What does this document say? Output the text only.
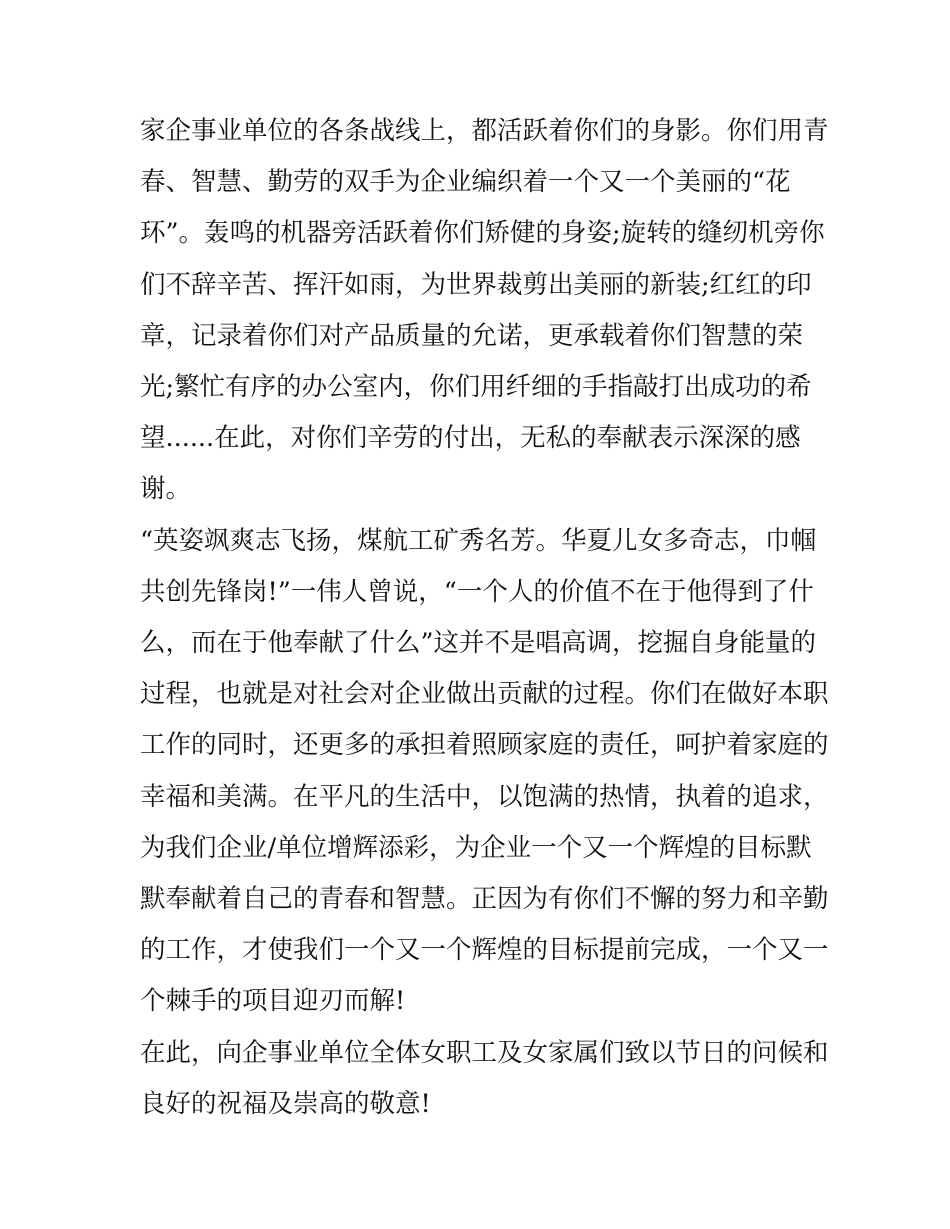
家企事业单位的各条战线上，都活跃着你们的身影。你们用青
春、智慧、勤劳的双手为企业编织着一个又一个美丽的“花
环”。轰鸣的机器旁活跃着你们矫健的身姿;旋转的缝纫机旁你
们不辞辛苦、挥汗如雨，为世界裁剪出美丽的新装;红红的印
章，记录着你们对产品质量的允诺，更承载着你们智慧的荣
光;繁忙有序的办公室内，你们用纤细的手指敲打出成功的希
望......在此，对你们辛劳的付出，无私的奉献表示深深的感
谢。

“英姿飒爽志飞扬，煤航工矿秀名芳。华夏儿女多奇志，巾帼
共创先锋岗!”一伟人曾说，“一个人的价值不在于他得到了什
么，而在于他奉献了什么”这并不是唱高调，挖掘自身能量的
过程，也就是对社会对企业做出贡献的过程。你们在做好本职
工作的同时，还更多的承担着照顾家庭的责任，呵护着家庭的
幸福和美满。在平凡的生活中，以饱满的热情，执着的追求，
为我们企业/单位增辉添彩，为企业一个又一个辉煌的目标默
默奉献着自己的青春和智慧。正因为有你们不懈的努力和辛勤
的工作，才使我们一个又一个辉煌的目标提前完成，一个又一
个棘手的项目迎刃而解!

在此，向企事业单位全体女职工及女家属们致以节日的问候和
良好的祝福及崇高的敬意!
